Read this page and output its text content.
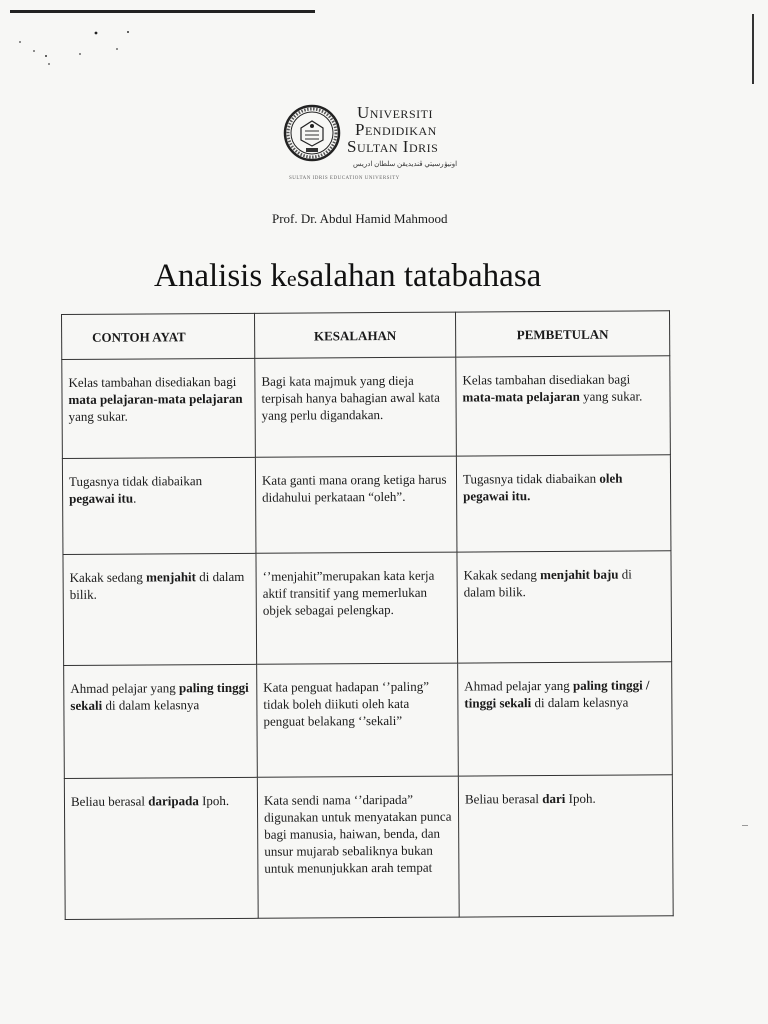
Universiti
Pendidikan
Sultan Idris
اونيۏرسيتي ڤنديديقن سلطان ادريس
SULTAN IDRIS EDUCATION UNIVERSITY
Prof. Dr. Abdul Hamid Mahmood
Analisis kesalahan tatabahasa
CONTOH AYAT	KESALAHAN	PEMBETULAN

Kelas tambahan disediakan bagi mata pelajaran-mata pelajaran yang sukar.	Bagi kata majmuk yang dieja terpisah hanya bahagian awal kata yang perlu digandakan.	Kelas tambahan disediakan bagi mata-mata pelajaran yang sukar.

Tugasnya tidak diabaikan pegawai itu.	Kata ganti mana orang ketiga harus didahului perkataan “oleh”.	Tugasnya tidak diabaikan oleh pegawai itu.

Kakak sedang menjahit di dalam bilik.	‘’menjahit”merupakan kata kerja aktif transitif yang memerlukan objek sebagai pelengkap.	Kakak sedang menjahit baju di dalam bilik.

Ahmad pelajar yang paling tinggi sekali di dalam kelasnya	Kata penguat hadapan ‘’paling” tidak boleh diikuti oleh kata penguat belakang ‘’sekali”	Ahmad pelajar yang paling tinggi / tinggi sekali di dalam kelasnya

Beliau berasal daripada Ipoh.	Kata sendi nama ‘’daripada” digunakan untuk menyatakan punca bagi manusia, haiwan, benda, dan unsur mujarab sebaliknya bukan untuk menunjukkan arah tempat	Beliau berasal dari Ipoh.
